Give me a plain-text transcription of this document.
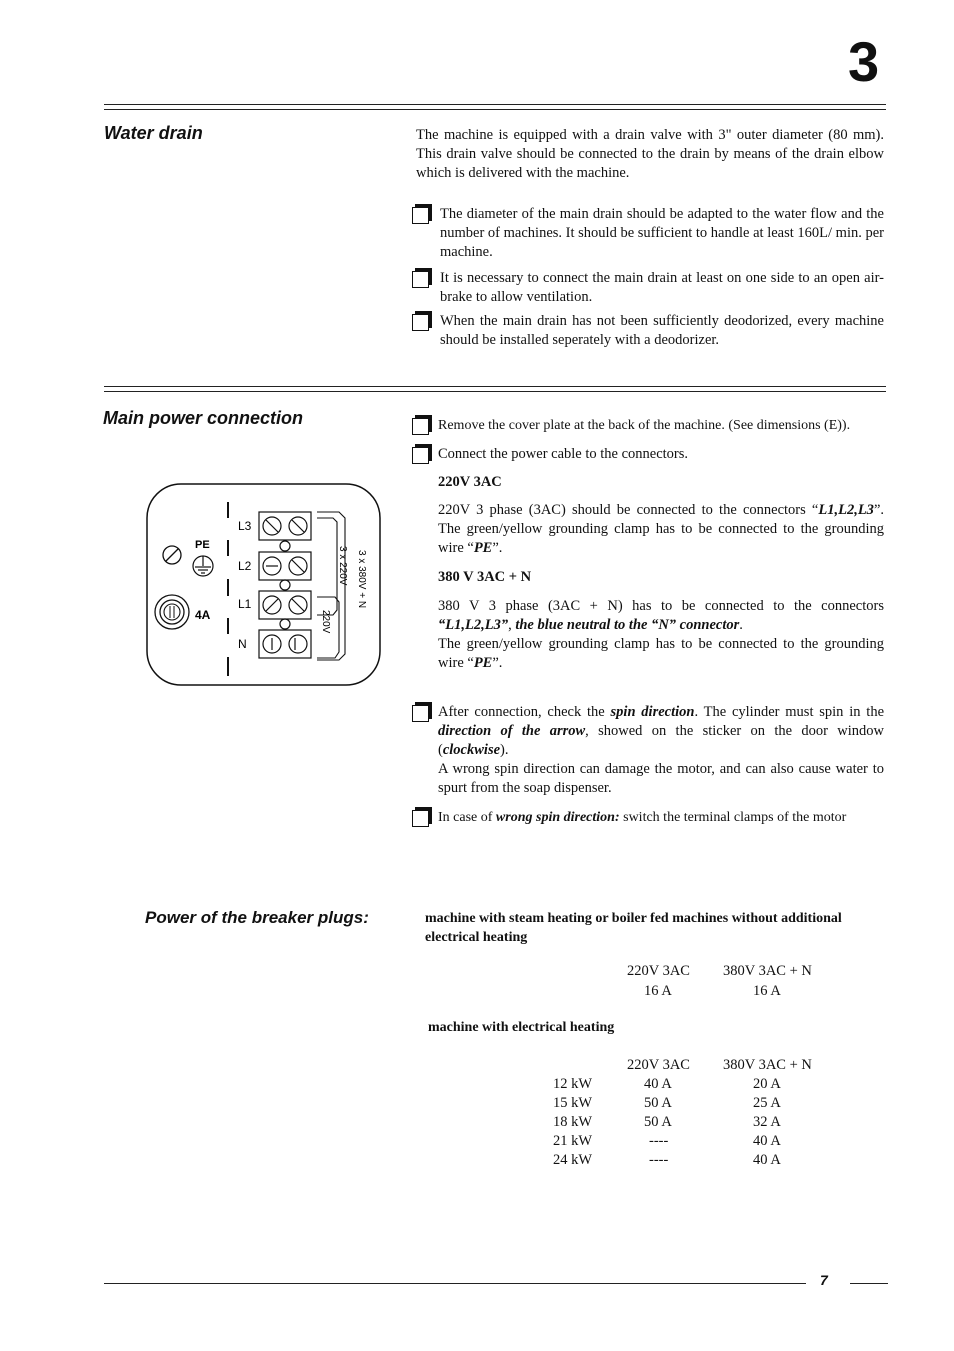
3
Water drain	The machine is equipped with a drain valve with 3" outer diameter (80 mm). This drain valve should be connected to the drain by means of the drain elbow which is delivered with the machine.
The diameter of the main drain should be adapted to the water flow and the number of machines. It should be sufficient to handle at least 160L/ min. per machine.
It is necessary to connect the main drain at least on one side to an open air-brake to allow ventilation.
When the main drain has not been sufficiently deodorized, every machine should be installed seperately with a deodorizer.
Main power connection	Remove the cover plate at the back of the machine. (See dimensions (E)).
Connect the power cable to the connectors.
220V 3AC
220V 3 phase (3AC) should be connected to the connectors “L1,L2,L3”. The green/yellow grounding clamp has to be connected to the grounding wire “PE”.
380 V 3AC + N
380 V 3 phase (3AC + N) has to be connected to the connectors “L1,L2,L3”, the blue neutral to the “N” connector.
The green/yellow grounding clamp has to be connected to the grounding wire “PE”.
After connection, check the spin direction. The cylinder must spin in the direction of the arrow, showed on the sticker on the door window (clockwise).
A wrong spin direction can damage the motor, and can also cause water to spurt from the soap dispenser.
In case of wrong spin direction: switch the terminal clamps of the motor
PE
4A
L3
L2
L1
N
3 x 380V + N
3 x 220V
220V
Power of the breaker plugs:	machine with steam heating or boiler fed machines without additional electrical heating
220V 3AC 380V 3AC + N
16 A	16 A
machine with electrical heating
220V 3AC 380V 3AC + N
12 kW	40 A	20 A
15 kW	50 A	25 A
18 kW	50 A	32 A
21 kW	----	40 A
24 kW	----	40 A
7
